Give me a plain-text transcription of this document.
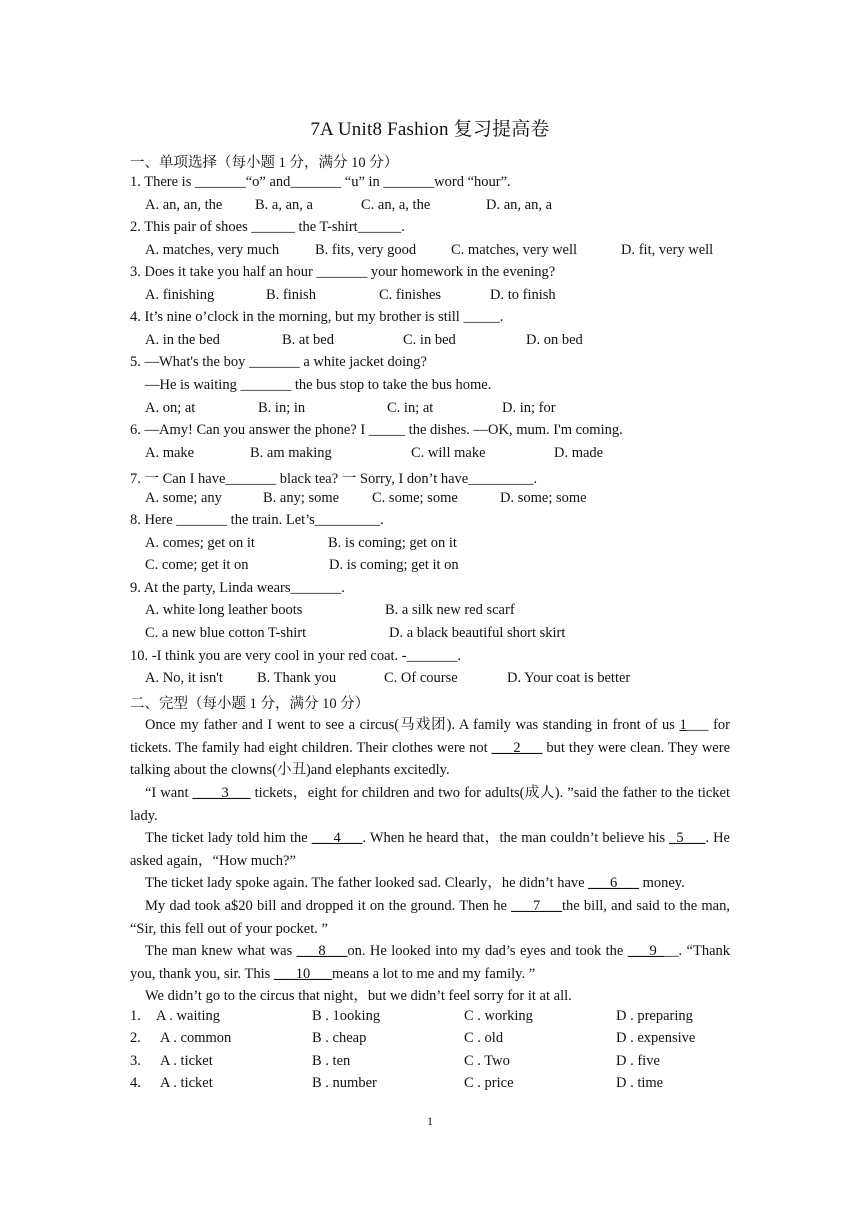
7A Unit8 Fashion 复习提高卷
一、单项选择（每小题 1 分，满分 10 分）
1. There is _______“o” and_______ “u” in _______word “hour”.
A. an, an, the B. a, an, a	C. an, a, the	D. an, an, a
2. This pair of shoes ______ the T-shirt______.
A. matches, very much B. fits, very good C. matches, very well	D. fit, very well
3. Does it take you half an hour _______ your homework in the evening?
A. finishing	B. finish	C. finishes	D. to finish
4. It’s nine o’clock in the morning, but my brother is still _____.
A. in the bed	B. at bed	C. in bed	D. on bed
5. —What's the boy _______ a white jacket doing?
—He is waiting _______ the bus stop to take the bus home.
A. on; at	B. in; in	C. in; at	D. in; for
6. —Amy! Can you answer the phone? I _____ the dishes. —OK, mum. I'm coming.
A. make	B. am making	C. will make	D. made
7. 一 Can I have_______ black tea? 一 Sorry, I don’t have_________.
A. some; any	B. any; some C. some; some	D. some; some
8. Here _______ the train. Let’s_________.
A. comes; get on it	B. is coming; get on it
C. come; get it on	D. is coming; get it on
9. At the party, Linda wears_______.
A. white long leather boots	B. a silk new red scarf
C. a new blue cotton T-shirt	D. a black beautiful short skirt
10. -I think you are very cool in your red coat. -_______.
A. No, it isn't B. Thank you	C. Of course	D. Your coat is better
二、完型（每小题 1 分，满分 10 分）
Once my father and I went to see a circus(马戏团). A family was standing in front of us 1___ for tickets. The family had eight children. Their clothes were not ___2___ but they were clean. They were talking about the clowns(小丑)and elephants excitedly.
“I want ____3___ tickets，eight for children and two for adults(成人). ”said the father to the ticket lady.
The ticket lady told him the ___4___. When he heard that，the man couldn’t believe his _5___. He asked again，“How much?”
The ticket lady spoke again. The father looked sad. Clearly，he didn’t have ___6___ money.
My dad took a$20 bill and dropped it on the ground. Then he ___7___the bill, and said to the man, “Sir, this fell out of your pocket. ”
The man knew what was ___8___on. He looked into my dad’s eyes and took the ___9___. “Thank you, thank you, sir. This ___10___means a lot to me and my family. ”
We didn’t go to the circus that night，but we didn’t feel sorry for it at all.
1. A . waiting	B . 1ooking	C . working	D . preparing
2. A . common	B . cheap	C . old	D . expensive
3. A . ticket	B . ten	C . Two	D . five
4. A . ticket	B . number	C . price	D . time
1
